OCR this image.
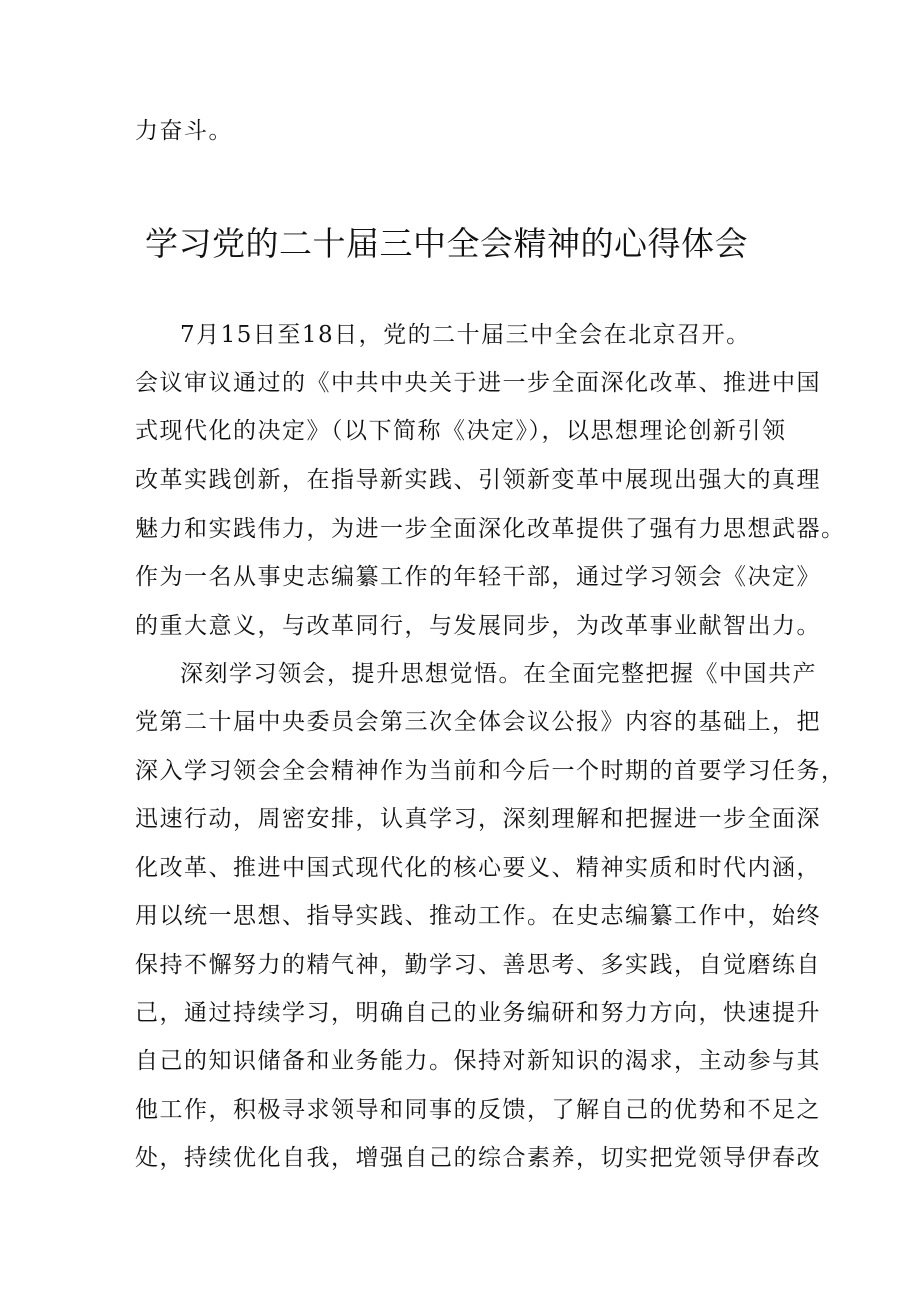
力奋斗。
学习党的二十届三中全会精神的心得体会
7月15日至18日，党的二十届三中全会在北京召开。
会议审议通过的《中共中央关于进一步全面深化改革、推进中国
式现代化的决定》（以下简称《决定》），以思想理论创新引领
改革实践创新，在指导新实践、引领新变革中展现出强大的真理
魅力和实践伟力，为进一步全面深化改革提供了强有力思想武器。
作为一名从事史志编纂工作的年轻干部，通过学习领会《决定》
的重大意义，与改革同行，与发展同步，为改革事业献智出力。
深刻学习领会，提升思想觉悟。在全面完整把握《中国共产
党第二十届中央委员会第三次全体会议公报》内容的基础上，把
深入学习领会全会精神作为当前和今后一个时期的首要学习任务，
迅速行动，周密安排，认真学习，深刻理解和把握进一步全面深
化改革、推进中国式现代化的核心要义、精神实质和时代内涵，
用以统一思想、指导实践、推动工作。在史志编纂工作中，始终
保持不懈努力的精气神，勤学习、善思考、多实践，自觉磨练自
己，通过持续学习，明确自己的业务编研和努力方向，快速提升
自己的知识储备和业务能力。保持对新知识的渴求，主动参与其
他工作，积极寻求领导和同事的反馈，了解自己的优势和不足之
处，持续优化自我，增强自己的综合素养，切实把党领导伊春改
